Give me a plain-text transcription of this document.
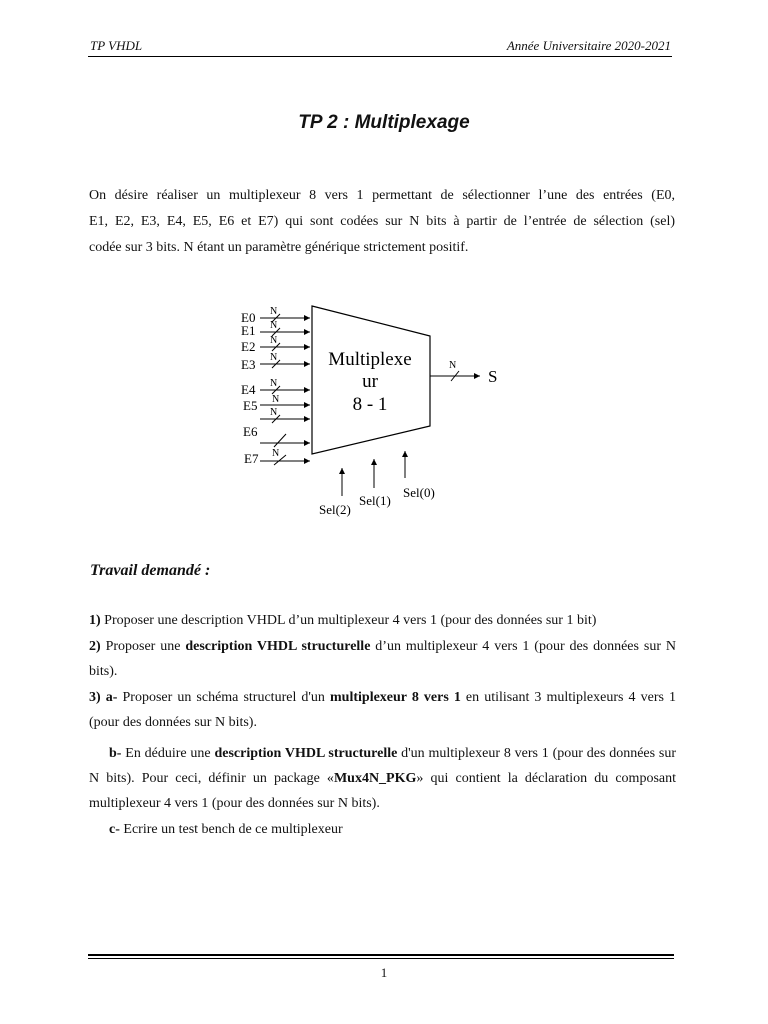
TP VHDL	Année Universitaire 2020-2021
TP 2 : Multiplexage
On désire réaliser un multiplexeur 8 vers 1 permettant de sélectionner l’une des entrées (E0,
E1, E2, E3, E4, E5, E6 et E7) qui sont codées sur N bits à partir de l’entrée de sélection (sel)
codée sur 3 bits. N étant un paramètre générique strictement positif.
Multiplexe
ur
8 - 1
E0 N
E1 N
E2 N
E3 N
E4 N
E5 N
N
E6
E7 N
N
S
Sel(2)
Sel(1)
Sel(0)
Travail demandé :
1) Proposer une description VHDL d’un multiplexeur 4 vers 1 (pour des données sur 1 bit)
2) Proposer une description VHDL structurelle d’un multiplexeur 4 vers 1 (pour des données sur N bits).
3) a- Proposer un schéma structurel d'un multiplexeur 8 vers 1 en utilisant 3 multiplexeurs 4 vers 1 (pour des données sur N bits).
b- En déduire une description VHDL structurelle d'un multiplexeur 8 vers 1 (pour des données sur N bits). Pour ceci, définir un package «Mux4N_PKG» qui contient la déclaration du composant multiplexeur 4 vers 1 (pour des données sur N bits).
c- Ecrire un test bench de ce multiplexeur
1
